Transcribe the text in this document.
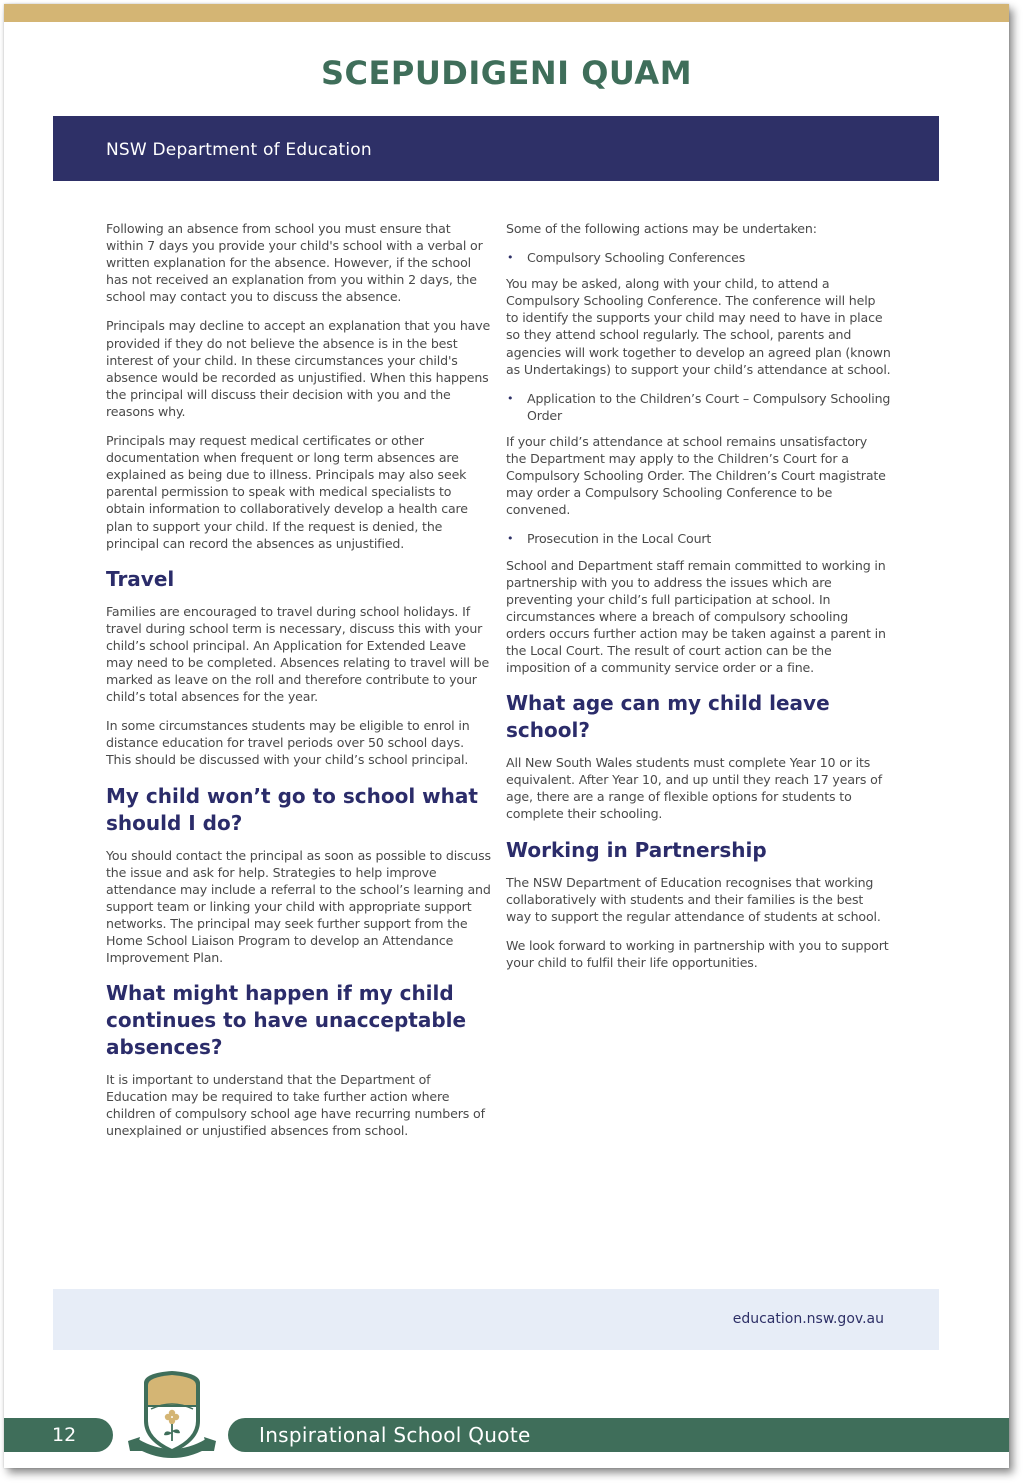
SCEPUDIGENI QUAM
NSW Department of Education

Following an absence from school you must ensure that within 7 days you provide your child's school with a verbal or written explanation for the absence. However, if the school has not received an explanation from you within 2 days, the school may contact you to discuss the absence.

Principals may decline to accept an explanation that you have provided if they do not believe the absence is in the best interest of your child. In these circumstances your child's absence would be recorded as unjustified. When this happens the principal will discuss their decision with you and the reasons why.

Principals may request medical certificates or other documentation when frequent or long term absences are explained as being due to illness. Principals may also seek parental permission to speak with medical specialists to obtain information to collaboratively develop a health care plan to support your child. If the request is denied, the principal can record the absences as unjustified.

Travel

Families are encouraged to travel during school holidays. If travel during school term is necessary, discuss this with your child’s school principal. An Application for Extended Leave may need to be completed. Absences relating to travel will be marked as leave on the roll and therefore contribute to your child’s total absences for the year.

In some circumstances students may be eligible to enrol in distance education for travel periods over 50 school days. This should be discussed with your child’s school principal.

My child won’t go to school what should I do?

You should contact the principal as soon as possible to discuss the issue and ask for help. Strategies to help improve attendance may include a referral to the school’s learning and support team or linking your child with appropriate support networks. The principal may seek further support from the Home School Liaison Program to develop an Attendance Improvement Plan.

What might happen if my child continues to have unacceptable absences?

It is important to understand that the Department of Education may be required to take further action where children of compulsory school age have recurring numbers of unexplained or unjustified absences from school.

Some of the following actions may be undertaken:

• Compulsory Schooling Conferences

You may be asked, along with your child, to attend a Compulsory Schooling Conference. The conference will help to identify the supports your child may need to have in place so they attend school regularly. The school, parents and agencies will work together to develop an agreed plan (known as Undertakings) to support your child’s attendance at school.

• Application to the Children’s Court – Compulsory Schooling Order

If your child’s attendance at school remains unsatisfactory the Department may apply to the Children’s Court for a Compulsory Schooling Order. The Children’s Court magistrate may order a Compulsory Schooling Conference to be convened.

• Prosecution in the Local Court

School and Department staff remain committed to working in partnership with you to address the issues which are preventing your child’s full participation at school. In circumstances where a breach of compulsory schooling orders occurs further action may be taken against a parent in the Local Court. The result of court action can be the imposition of a community service order or a fine.

What age can my child leave school?

All New South Wales students must complete Year 10 or its equivalent. After Year 10, and up until they reach 17 years of age, there are a range of flexible options for students to complete their schooling.

Working in Partnership

The NSW Department of Education recognises that working collaboratively with students and their families is the best way to support the regular attendance of students at school.

We look forward to working in partnership with you to support your child to fulfil their life opportunities.

education.nsw.gov.au
12	Inspirational School Quote
